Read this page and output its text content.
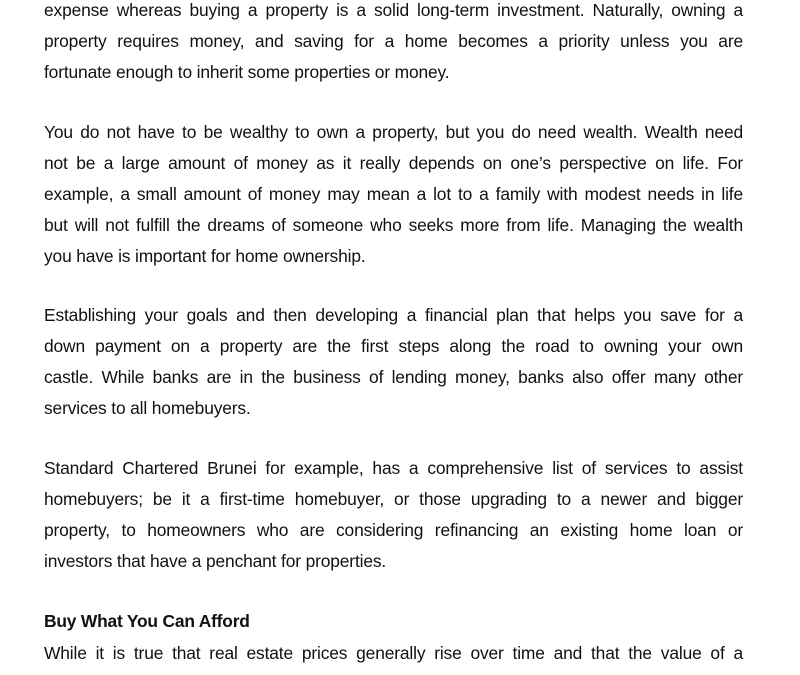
expense whereas buying a property is a solid long-term investment. Naturally, owning a
property requires money, and saving for a home becomes a priority unless you are
fortunate enough to inherit some properties or money.
You do not have to be wealthy to own a property, but you do need wealth. Wealth need
not be a large amount of money as it really depends on one’s perspective on life. For
example, a small amount of money may mean a lot to a family with modest needs in life
but will not fulfill the dreams of someone who seeks more from life. Managing the wealth
you have is important for home ownership.
Establishing your goals and then developing a financial plan that helps you save for a
down payment on a property are the first steps along the road to owning your own
castle. While banks are in the business of lending money, banks also offer many other
services to all homebuyers.
Standard Chartered Brunei for example, has a comprehensive list of services to assist
homebuyers; be it a first-time homebuyer, or those upgrading to a newer and bigger
property, to homeowners who are considering refinancing an existing home loan or
investors that have a penchant for properties.
Buy What You Can Afford
While it is true that real estate prices generally rise over time and that the value of a
